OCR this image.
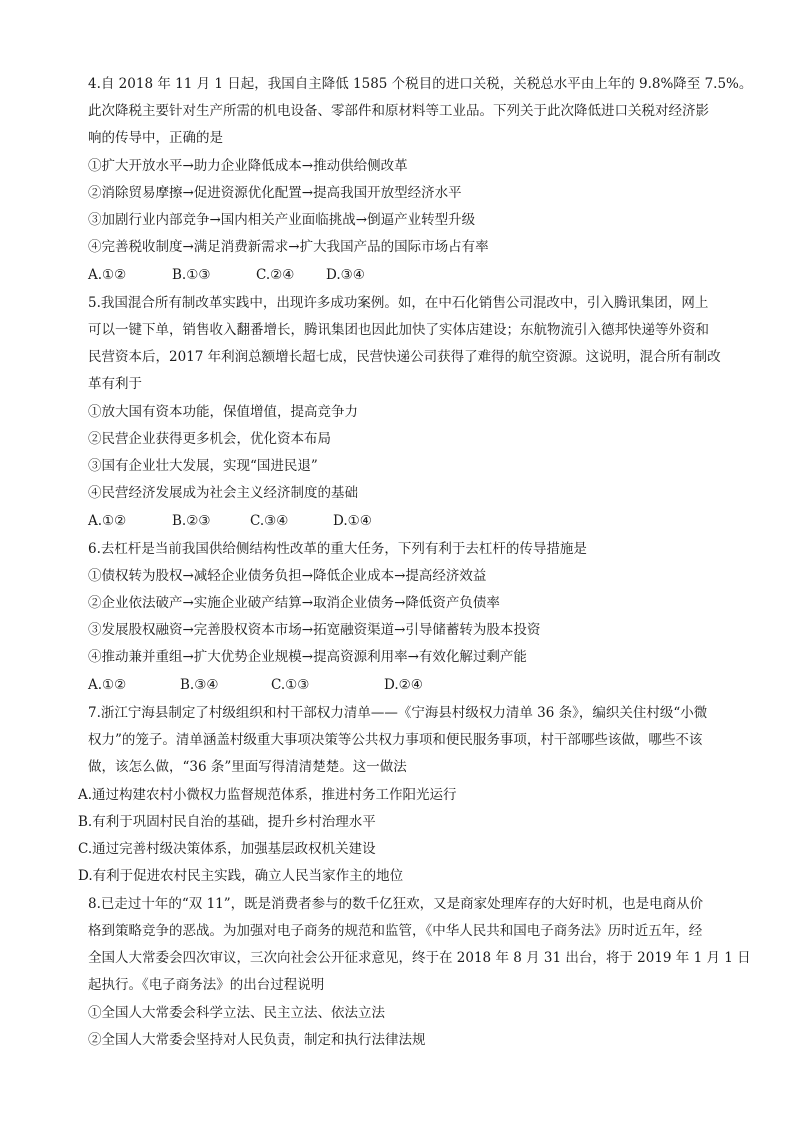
4.自 2018 年 11 月 1 日起，我国自主降低 1585 个税目的进口关税，关税总水平由上年的 9.8%降至 7.5%。
此次降税主要针对生产所需的机电设备、零部件和原材料等工业品。下列关于此次降低进口关税对经济影
响的传导中，正确的是
①扩大开放水平→助力企业降低成本→推动供给侧改革
②消除贸易摩擦→促进资源优化配置→提高我国开放型经济水平
③加剧行业内部竞争→国内相关产业面临挑战→倒逼产业转型升级
④完善税收制度→满足消费新需求→扩大我国产品的国际市场占有率
A.①②	B.①③	C.②④ D.③④
5.我国混合所有制改革实践中，出现许多成功案例。如，在中石化销售公司混改中，引入腾讯集团，网上
可以一键下单，销售收入翻番增长，腾讯集团也因此加快了实体店建设；东航物流引入德邦快递等外资和
民营资本后，2017 年利润总额增长超七成，民营快递公司获得了难得的航空资源。这说明，混合所有制改
革有利于
①放大国有资本功能，保值增值，提高竞争力
②民营企业获得更多机会，优化资本布局
③国有企业壮大发展，实现“国进民退”
④民营经济发展成为社会主义经济制度的基础
A.①②	B.②③	C.③④	D.①④
6.去杠杆是当前我国供给侧结构性改革的重大任务，下列有利于去杠杆的传导措施是
①债权转为股权→减轻企业债务负担→降低企业成本→提高经济效益
②企业依法破产→实施企业破产结算→取消企业债务→降低资产负债率
③发展股权融资→完善股权资本市场→拓宽融资渠道→引导储蓄转为股本投资
④推动兼并重组→扩大优势企业规模→提高资源利用率→有效化解过剩产能
A.①②	B.③④	C.①③	D.②④
7.浙江宁海县制定了村级组织和村干部权力清单——《宁海县村级权力清单 36 条》，编织关住村级“小微
权力”的笼子。清单涵盖村级重大事项决策等公共权力事项和便民服务事项，村干部哪些该做，哪些不该
做，该怎么做，“36 条”里面写得清清楚楚。这一做法
A.通过构建农村小微权力监督规范体系，推进村务工作阳光运行
B.有利于巩固村民自治的基础，提升乡村治理水平
C.通过完善村级决策体系，加强基层政权机关建设
D.有利于促进农村民主实践，确立人民当家作主的地位
8.已走过十年的“双 11”，既是消费者参与的数千亿狂欢，又是商家处理库存的大好时机，也是电商从价
格到策略竞争的恶战。为加强对电子商务的规范和监管，《中华人民共和国电子商务法》历时近五年，经
全国人大常委会四次审议，三次向社会公开征求意见，终于在 2018 年 8 月 31 出台，将于 2019 年 1 月 1 日
起执行。《电子商务法》的出台过程说明
①全国人大常委会科学立法、民主立法、依法立法
②全国人大常委会坚持对人民负责，制定和执行法律法规
